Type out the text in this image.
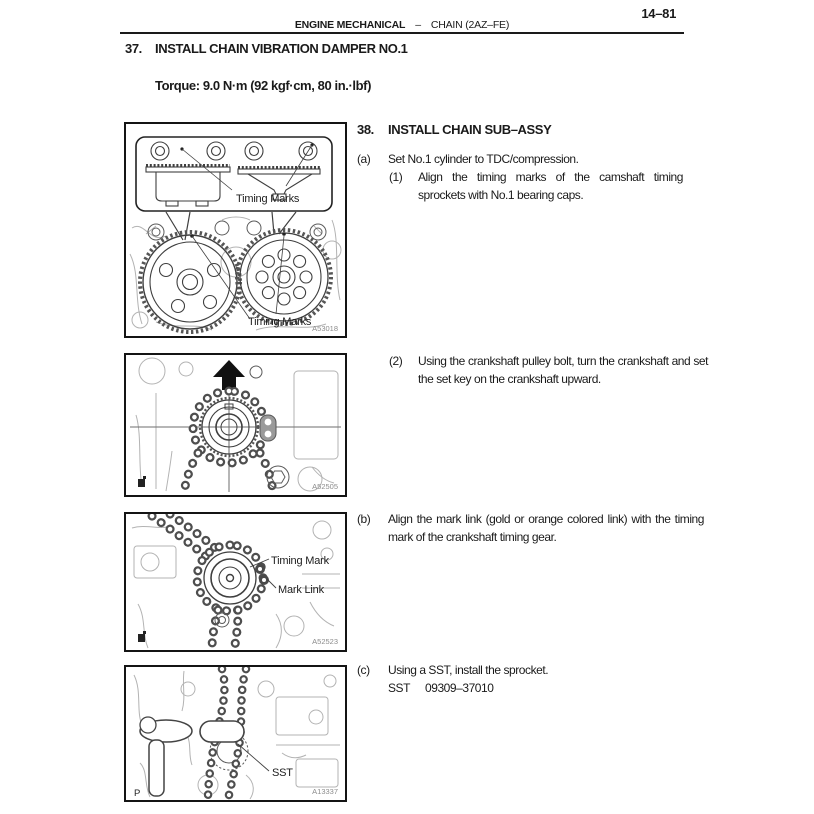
14–81
ENGINE MECHANICAL – CHAIN (2AZ–FE)
37. INSTALL CHAIN VIBRATION DAMPER NO.1
Torque: 9.0 N·m (92 kgf·cm, 80 in.·lbf)
Timing Marks
Timing Marks
A53018
A52505
Timing Mark
Mark Link
A52523
SST
P	A13337
38. INSTALL CHAIN SUB–ASSY
(a) Set No.1 cylinder to TDC/compression.
(1) Align the timing marks of the camshaft timing sprockets with No.1 bearing caps.
(2) Using the crankshaft pulley bolt, turn the crankshaft and set the set key on the crankshaft upward.
(b) Align the mark link (gold or orange colored link) with the timing mark of the crankshaft timing gear.
(c) Using a SST, install the sprocket.
SST 09309–37010
